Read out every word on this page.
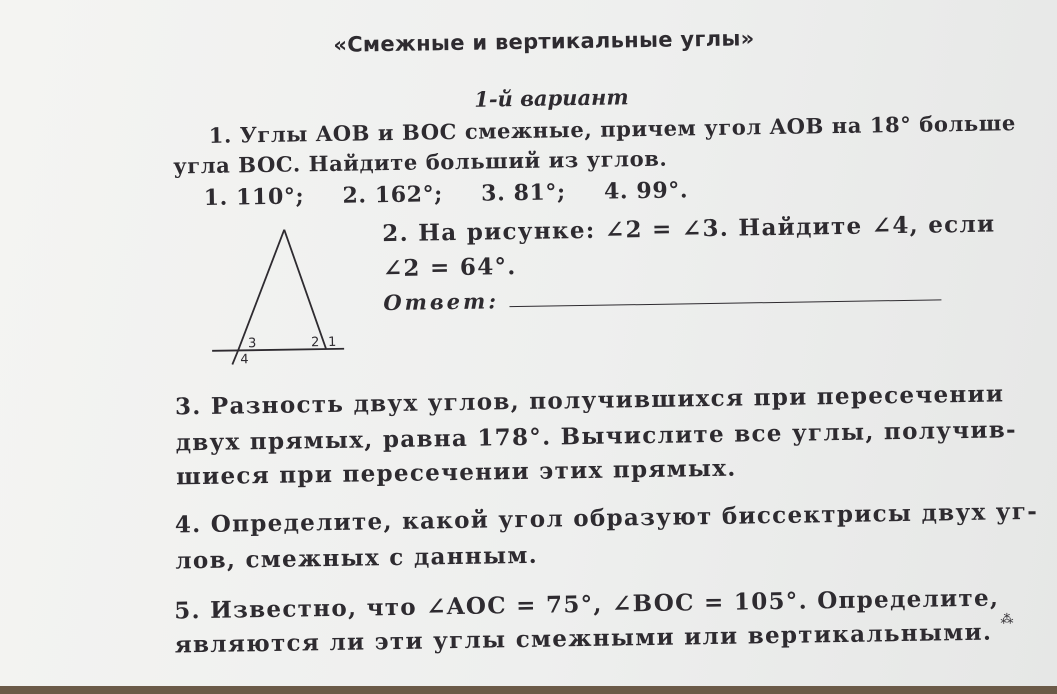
«Смежные и вертикальные углы»
1-й вариант
1. Углы AOB и BOC смежные, причем угол AOB на 18° больше
угла BOC. Найдите больший из углов.
1. 110°; 2. 162°; 3. 81°; 4. 99°.
3	2 1
4
2. На рисунке: ∠2 = ∠3. Найдите ∠4, если
∠2 = 64°.
Ответ:
3. Разность двух углов, получившихся при пересечении
двух прямых, равна 178°. Вычислите все углы, получив-
шиеся при пересечении этих прямых.
4. Определите, какой угол образуют биссектрисы двух уг-
лов, смежных с данным.
5. Известно, что ∠AOC = 75°, ∠BOC = 105°. Определите,
являются ли эти углы смежными или вертикальными. ⁂
